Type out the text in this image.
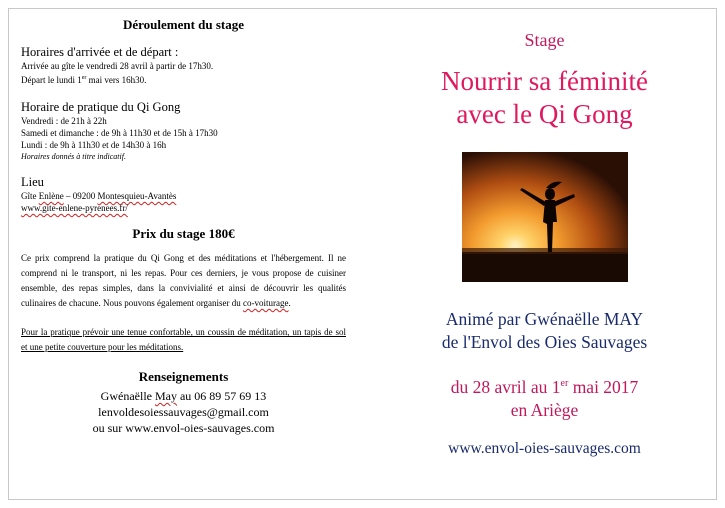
Déroulement du stage
Horaires d'arrivée et de départ :
Arrivée au gîte le vendredi 28 avril à partir de 17h30.
Départ le lundi 1er mai vers 16h30.
Horaire de pratique du Qi Gong
Vendredi : de 21h à 22h
Samedi et dimanche : de 9h à 11h30 et de 15h à 17h30
Lundi : de 9h à 11h30 et de 14h30 à 16h
Horaires donnés à titre indicatif.
Lieu
Gîte Enlène – 09200 Montesquieu-Avantès
www.gite-enlene-pyrenees.fr/
Prix du stage 180€
Ce prix comprend la pratique du Qi Gong et des méditations et l'hébergement. Il ne comprend ni le transport, ni les repas. Pour ces derniers, je vous propose de cuisiner ensemble, des repas simples, dans la convivialité et ainsi de découvrir les qualités culinaires de chacune. Nous pouvons également organiser du co-voiturage.
Pour la pratique prévoir une tenue confortable, un coussin de méditation, un tapis de sol et une petite couverture pour les méditations.
Renseignements
Gwénaëlle May au 06 89 57 69 13
lenvoldesoiessauvages@gmail.com
ou sur www.envol-oies-sauvages.com
Stage
Nourrir sa féminité
avec le Qi Gong
Animé par Gwénaëlle MAY
de l'Envol des Oies Sauvages
du 28 avril au 1er mai 2017
en Ariège
www.envol-oies-sauvages.com
